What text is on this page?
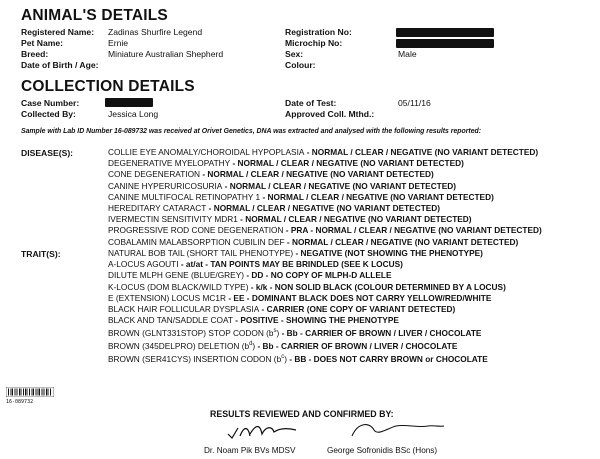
ANIMAL'S DETAILS
Registered Name: Zadinas Shurfire Legend
Pet Name:	Ernie
Breed:	Miniature Australian Shepherd
Date of Birth / Age:
Registration No:
Microchip No:
Sex:	Male
Colour:
COLLECTION DETAILS
Case Number:
Collected By:	Jessica Long
Date of Test:	05/11/16
Approved Coll. Mthd.:
Sample with Lab ID Number 16-089732 was received at Orivet Genetics, DNA was extracted and analysed with the following results reported:
DISEASE(S):	COLLIE EYE ANOMALY/CHOROIDAL HYPOPLASIA - NORMAL / CLEAR / NEGATIVE (NO VARIANT DETECTED)
DEGENERATIVE MYELOPATHY - NORMAL / CLEAR / NEGATIVE (NO VARIANT DETECTED)
CONE DEGENERATION - NORMAL / CLEAR / NEGATIVE (NO VARIANT DETECTED)
CANINE HYPERURICOSURIA - NORMAL / CLEAR / NEGATIVE (NO VARIANT DETECTED)
CANINE MULTIFOCAL RETINOPATHY 1 - NORMAL / CLEAR / NEGATIVE (NO VARIANT DETECTED)
HEREDITARY CATARACT - NORMAL / CLEAR / NEGATIVE (NO VARIANT DETECTED)
IVERMECTIN SENSITIVITY MDR1 - NORMAL / CLEAR / NEGATIVE (NO VARIANT DETECTED)
PROGRESSIVE ROD CONE DEGENERATION - PRA - NORMAL / CLEAR / NEGATIVE (NO VARIANT DETECTED)
COBALAMIN MALABSORPTION CUBILIN DEF - NORMAL / CLEAR / NEGATIVE (NO VARIANT DETECTED)
TRAIT(S):	NATURAL BOB TAIL (SHORT TAIL PHENOTYPE) - NEGATIVE (NOT SHOWING THE PHENOTYPE)
A-LOCUS AGOUTI - at/at - TAN POINTS MAY BE BRINDLED (SEE K LOCUS)
DILUTE MLPH GENE (BLUE/GREY) - DD - NO COPY OF MLPH-D ALLELE
K-LOCUS (DOM BLACK/WILD TYPE) - k/k - NON SOLID BLACK (COLOUR DETERMINED BY A LOCUS)
E (EXTENSION) LOCUS MC1R - EE - DOMINANT BLACK DOES NOT CARRY YELLOW/RED/WHITE
BLACK HAIR FOLLICULAR DYSPLASIA - CARRIER (ONE COPY OF VARIANT DETECTED)
BLACK AND TAN/SADDLE COAT - POSITIVE - SHOWING THE PHENOTYPE
BROWN (GLNT331STOP) STOP CODON $(b^s)$ - Bb - CARRIER OF BROWN / LIVER / CHOCOLATE
BROWN (345DELPRO) DELETION $(b^d)$ - Bb - CARRIER OF BROWN / LIVER / CHOCOLATE
BROWN (SER41CYS) INSERTION CODON $(b^c)$ - BB - DOES NOT CARRY BROWN or CHOCOLATE
16-089732
RESULTS REVIEWED AND CONFIRMED BY:
Dr. Noam Pik BVs MDSV	George Sofronidis BSc (Hons)
